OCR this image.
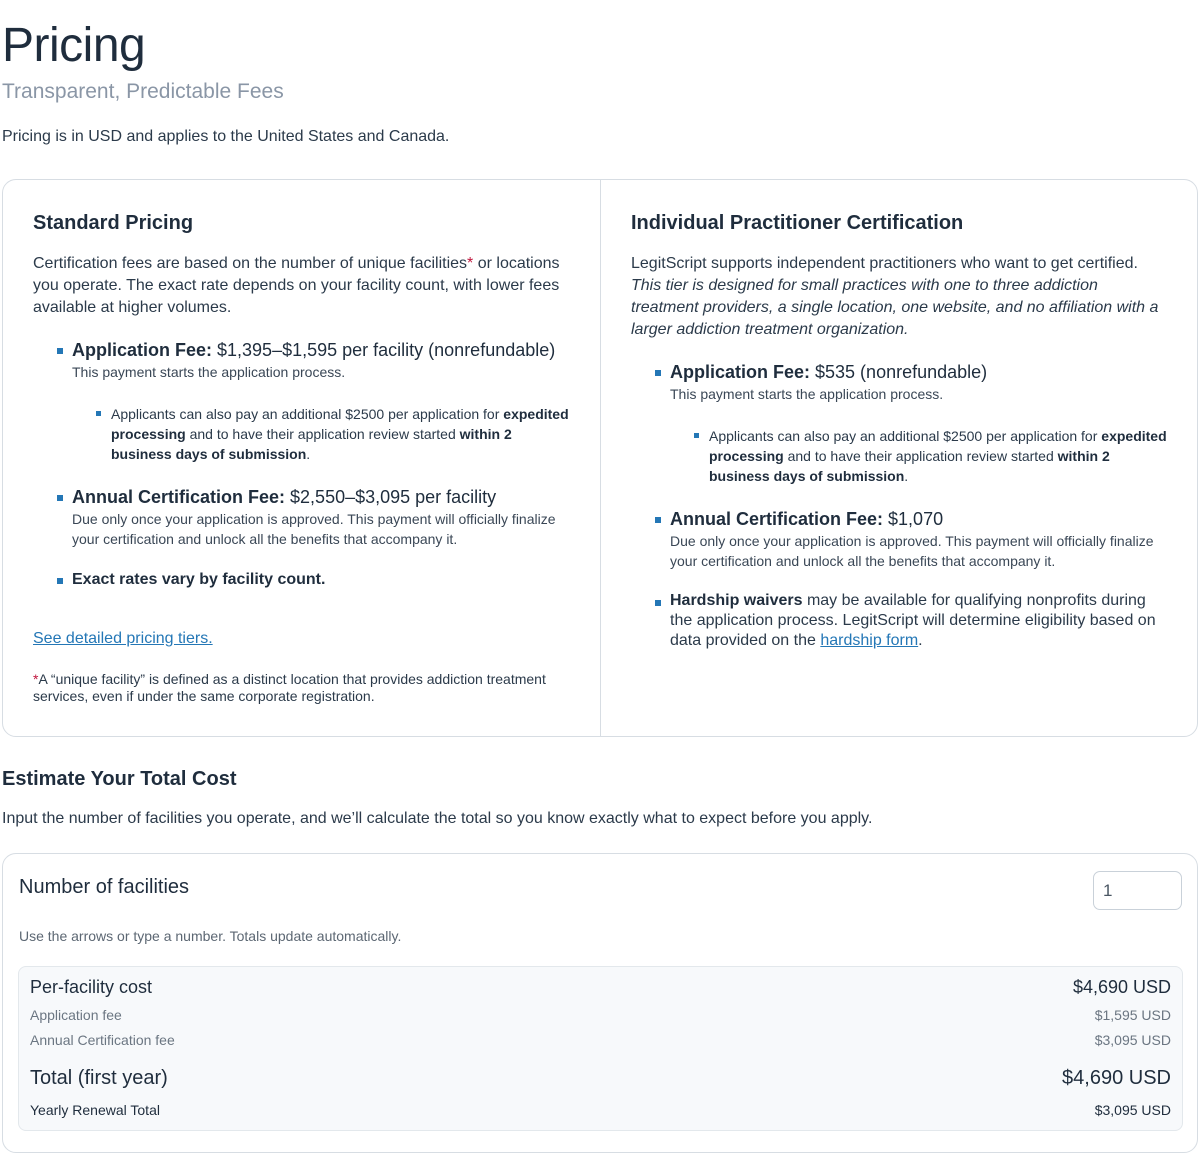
Pricing
Transparent, Predictable Fees

Pricing is in USD and applies to the United States and Canada.

Standard Pricing

Certification fees are based on the number of unique facilities* or locations you operate. The exact rate depends on your facility count, with lower fees available at higher volumes.

Application Fee: $1,395–$1,595 per facility (nonrefundable)
This payment starts the application process.
Applicants can also pay an additional $2500 per application for expedited processing and to have their application review started within 2 business days of submission.
Annual Certification Fee: $2,550–$3,095 per facility
Due only once your application is approved. This payment will officially finalize your certification and unlock all the benefits that accompany it.
Exact rates vary by facility count.
See detailed pricing tiers.

*A “unique facility” is defined as a distinct location that provides addiction treatment services, even if under the same corporate registration.

Individual Practitioner Certification

LegitScript supports independent practitioners who want to get certified. This tier is designed for small practices with one to three addiction treatment providers, a single location, one website, and no affiliation with a larger addiction treatment organization.

Application Fee: $535 (nonrefundable)
This payment starts the application process.
Applicants can also pay an additional $2500 per application for expedited processing and to have their application review started within 2 business days of submission.
Annual Certification Fee: $1,070
Due only once your application is approved. This payment will officially finalize your certification and unlock all the benefits that accompany it.
Hardship waivers may be available for qualifying nonprofits during the application process. LegitScript will determine eligibility based on data provided on the hardship form.
Estimate Your Total Cost

Input the number of facilities you operate, and we’ll calculate the total so you know exactly what to expect before you apply.

Number of facilities
1
Use the arrows or type a number. Totals update automatically.
Per-facility cost	$4,690 USD
Application fee	$1,595 USD
Annual Certification fee	$3,095 USD
Total (first year)	$4,690 USD
Yearly Renewal Total	$3,095 USD
